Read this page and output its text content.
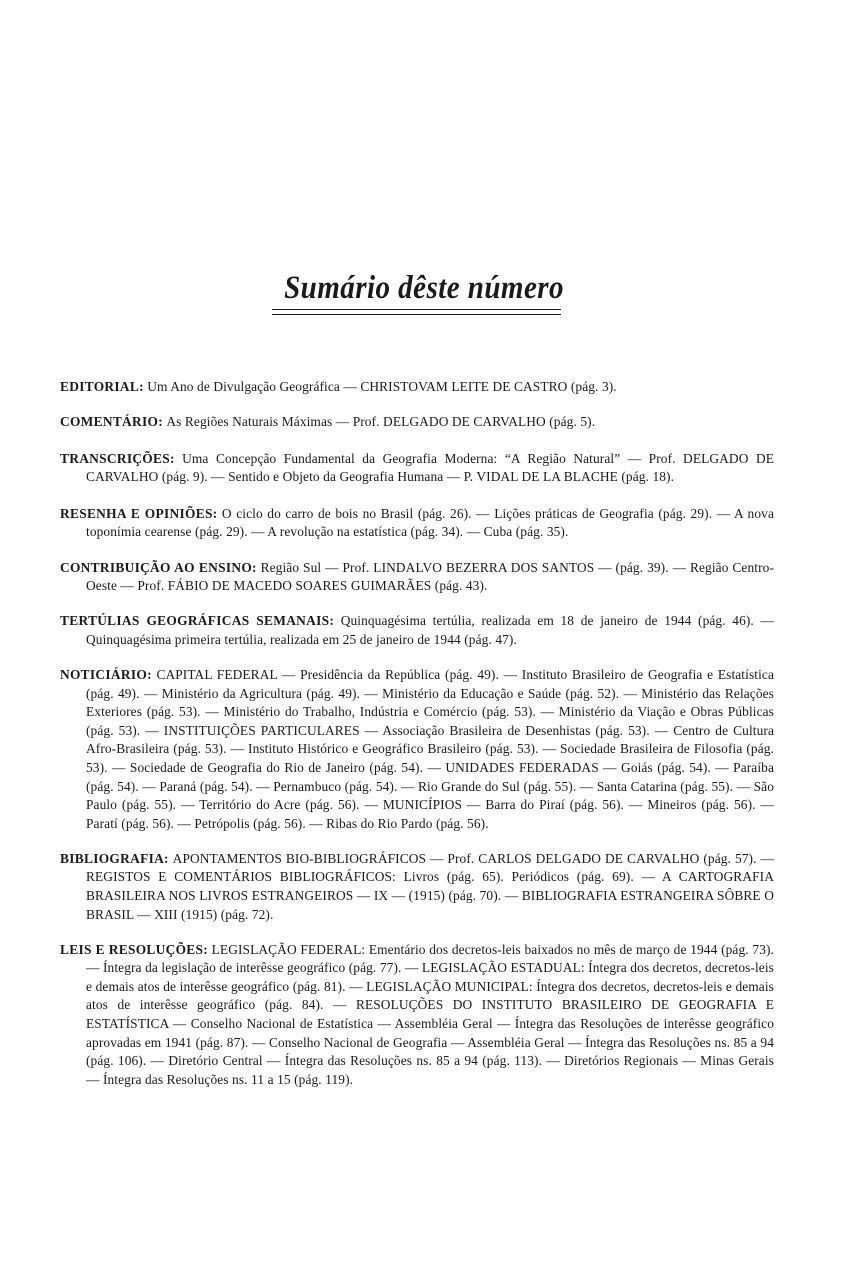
Sumário dêste número

EDITORIAL: Um Ano de Divulgação Geográfica — CHRISTOVAM LEITE DE CASTRO (pág. 3).

COMENTÁRIO: As Regiões Naturais Máximas — Prof. DELGADO DE CARVALHO (pág. 5).

TRANSCRIÇÕES: Uma Concepção Fundamental da Geografia Moderna: “A Região Natural” — Prof. DELGADO DE CARVALHO (pág. 9). — Sentido e Objeto da Geografia Humana — P. VIDAL DE LA BLACHE (pág. 18).

RESENHA E OPINIÕES: O ciclo do carro de bois no Brasil (pág. 26). — Lições práticas de Geografia (pág. 29). — A nova toponímia cearense (pág. 29). — A revolução na estatística (pág. 34). — Cuba (pág. 35).

CONTRIBUIÇÃO AO ENSINO: Região Sul — Prof. LINDALVO BEZERRA DOS SANTOS — (pág. 39). — Região Centro-Oeste — Prof. FÁBIO DE MACEDO SOARES GUIMARÃES (pág. 43).

TERTÚLIAS GEOGRÁFICAS SEMANAIS: Quinquagésima tertúlia, realizada em 18 de janeiro de 1944 (pág. 46). — Quinquagésima primeira tertúlia, realizada em 25 de janeiro de 1944 (pág. 47).

NOTICIÁRIO: CAPITAL FEDERAL — Presidência da República (pág. 49). — Instituto Brasileiro de Geografia e Estatística (pág. 49). — Ministério da Agricultura (pág. 49). — Ministério da Educação e Saúde (pág. 52). — Ministério das Relações Exteriores (pág. 53). — Ministério do Trabalho, Indústria e Comércio (pág. 53). — Ministério da Viação e Obras Públicas (pág. 53). — INSTITUIÇÕES PARTICULARES — Associação Brasileira de Desenhistas (pág. 53). — Centro de Cultura Afro-Brasileira (pág. 53). — Instituto Histórico e Geográfico Brasileiro (pág. 53). — Sociedade Brasileira de Filosofia (pág. 53). — Sociedade de Geografia do Rio de Janeiro (pág. 54). — UNIDADES FEDERADAS — Goiás (pág. 54). — Paraíba (pág. 54). — Paraná (pág. 54). — Pernambuco (pág. 54). — Rio Grande do Sul (pág. 55). — Santa Catarina (pág. 55). — São Paulo (pág. 55). — Território do Acre (pág. 56). — MUNICÍPIOS — Barra do Piraí (pág. 56). — Mineiros (pág. 56). — Paratí (pág. 56). — Petrópolis (pág. 56). — Ribas do Rio Pardo (pág. 56).

BIBLIOGRAFIA: APONTAMENTOS BIO-BIBLIOGRÁFICOS — Prof. CARLOS DELGADO DE CARVALHO (pág. 57). — REGISTOS E COMENTÁRIOS BIBLIOGRÁFICOS: Livros (pág. 65). Periódicos (pág. 69). — A CARTOGRAFIA BRASILEIRA NOS LIVROS ESTRANGEIROS — IX — (1915) (pág. 70). — BIBLIOGRAFIA ESTRANGEIRA SÔBRE O BRASIL — XIII (1915) (pág. 72).

LEIS E RESOLUÇÕES: LEGISLAÇÃO FEDERAL: Ementário dos decretos-leis baixados no mês de março de 1944 (pág. 73). — Íntegra da legislação de interêsse geográfico (pág. 77). — LEGISLAÇÃO ESTADUAL: Íntegra dos decretos, decretos-leis e demais atos de interêsse geográfico (pág. 81). — LEGISLAÇÃO MUNICIPAL: Íntegra dos decretos, decretos-leis e demais atos de interêsse geográfico (pág. 84). — RESOLUÇÕES DO INSTITUTO BRASILEIRO DE GEOGRAFIA E ESTATÍSTICA — Conselho Nacional de Estatística — Assembléia Geral — Íntegra das Resoluções de interêsse geográfico aprovadas em 1941 (pág. 87). — Conselho Nacional de Geografia — Assembléia Geral — Íntegra das Resoluções ns. 85 a 94 (pág. 106). — Diretório Central — Íntegra das Resoluções ns. 85 a 94 (pág. 113). — Diretórios Regionais — Minas Gerais — Íntegra das Resoluções ns. 11 a 15 (pág. 119).
